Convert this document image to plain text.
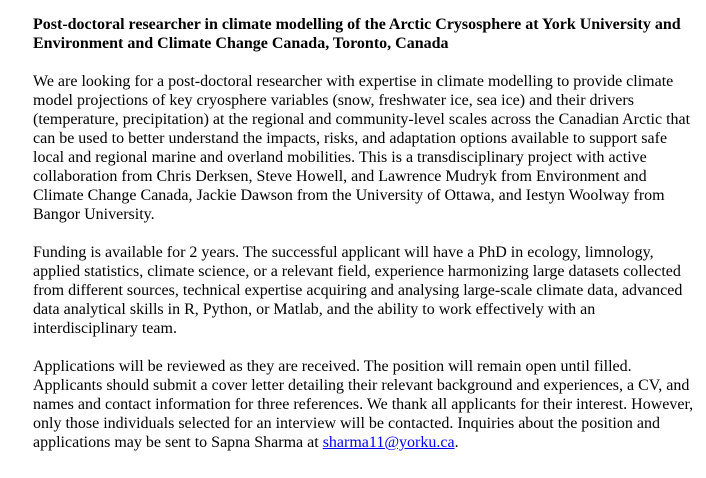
Post-doctoral researcher in climate modelling of the Arctic Crysosphere at York University and Environment and Climate Change Canada, Toronto, Canada
We are looking for a post-doctoral researcher with expertise in climate modelling to provide climate model projections of key cryosphere variables (snow, freshwater ice, sea ice) and their drivers (temperature, precipitation) at the regional and community-level scales across the Canadian Arctic that can be used to better understand the impacts, risks, and adaptation options available to support safe local and regional marine and overland mobilities. This is a transdisciplinary project with active collaboration from Chris Derksen, Steve Howell, and Lawrence Mudryk from Environment and Climate Change Canada, Jackie Dawson from the University of Ottawa, and Iestyn Woolway from Bangor University.
Funding is available for 2 years. The successful applicant will have a PhD in ecology, limnology, applied statistics, climate science, or a relevant field, experience harmonizing large datasets collected from different sources, technical expertise acquiring and analysing large-scale climate data, advanced data analytical skills in R, Python, or Matlab, and the ability to work effectively with an interdisciplinary team.
Applications will be reviewed as they are received. The position will remain open until filled. Applicants should submit a cover letter detailing their relevant background and experiences, a CV, and names and contact information for three references. We thank all applicants for their interest. However, only those individuals selected for an interview will be contacted. Inquiries about the position and applications may be sent to Sapna Sharma at sharma11@yorku.ca.
